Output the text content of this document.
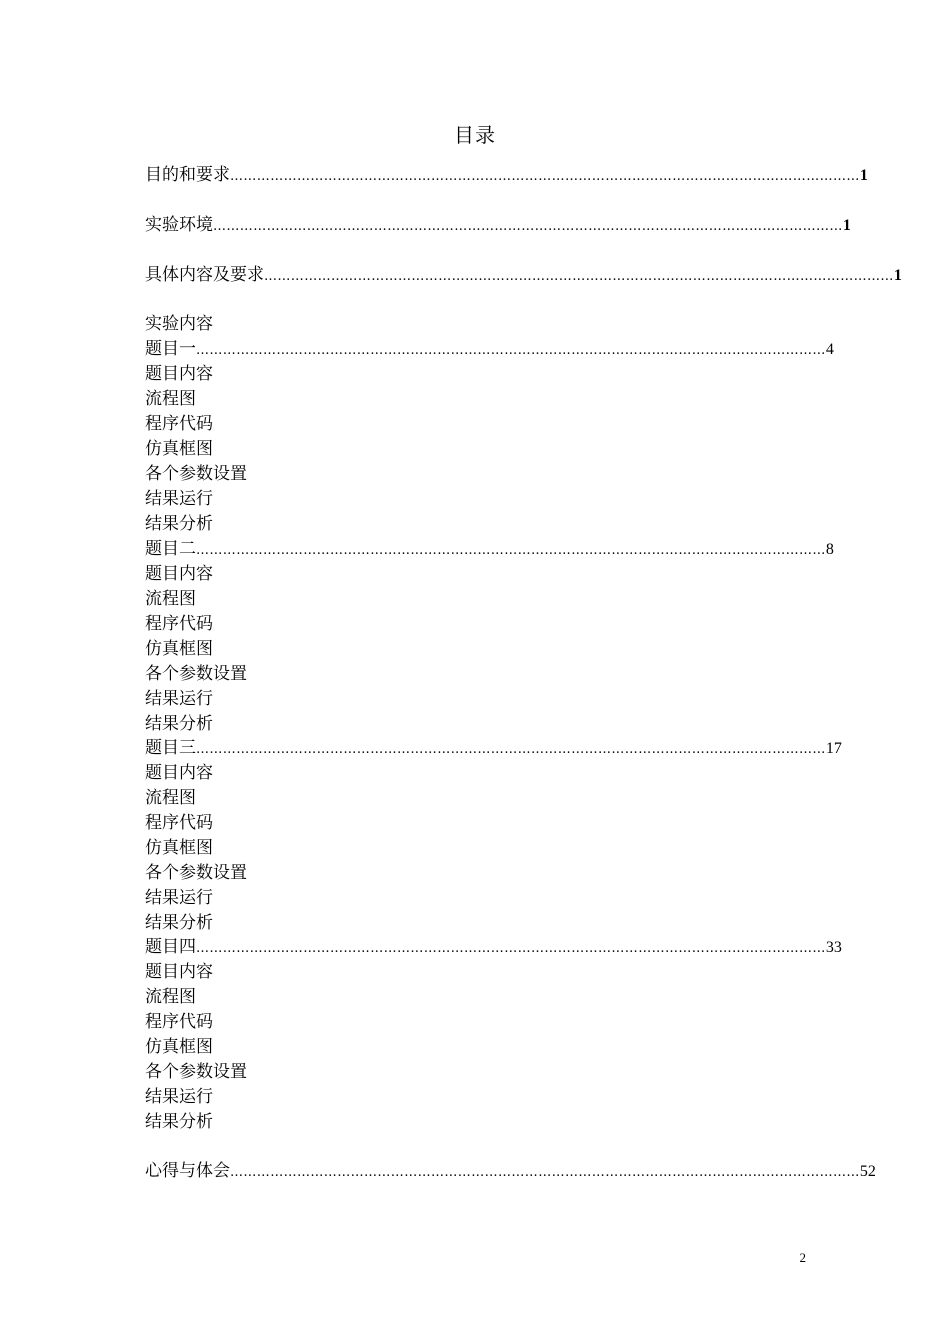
目录
目的和要求 …………………………………………………………………………………………………………………………… 1
实验环境 …………………………………………………………………………………………………………………………… 1
具体内容及要求 …………………………………………………………………………………………………………………………… 1
实验内容
题目一 …………………………………………………………………………………………………………………………… 4
题目内容
流程图
程序代码
仿真框图
各个参数设置
结果运行
结果分析
题目二 …………………………………………………………………………………………………………………………… 8
题目内容
流程图
程序代码
仿真框图
各个参数设置
结果运行
结果分析
题目三 …………………………………………………………………………………………………………………………… 17
题目内容
流程图
程序代码
仿真框图
各个参数设置
结果运行
结果分析
题目四 …………………………………………………………………………………………………………………………… 33
题目内容
流程图
程序代码
仿真框图
各个参数设置
结果运行
结果分析
心得与体会 …………………………………………………………………………………………………………………………… 52
2
